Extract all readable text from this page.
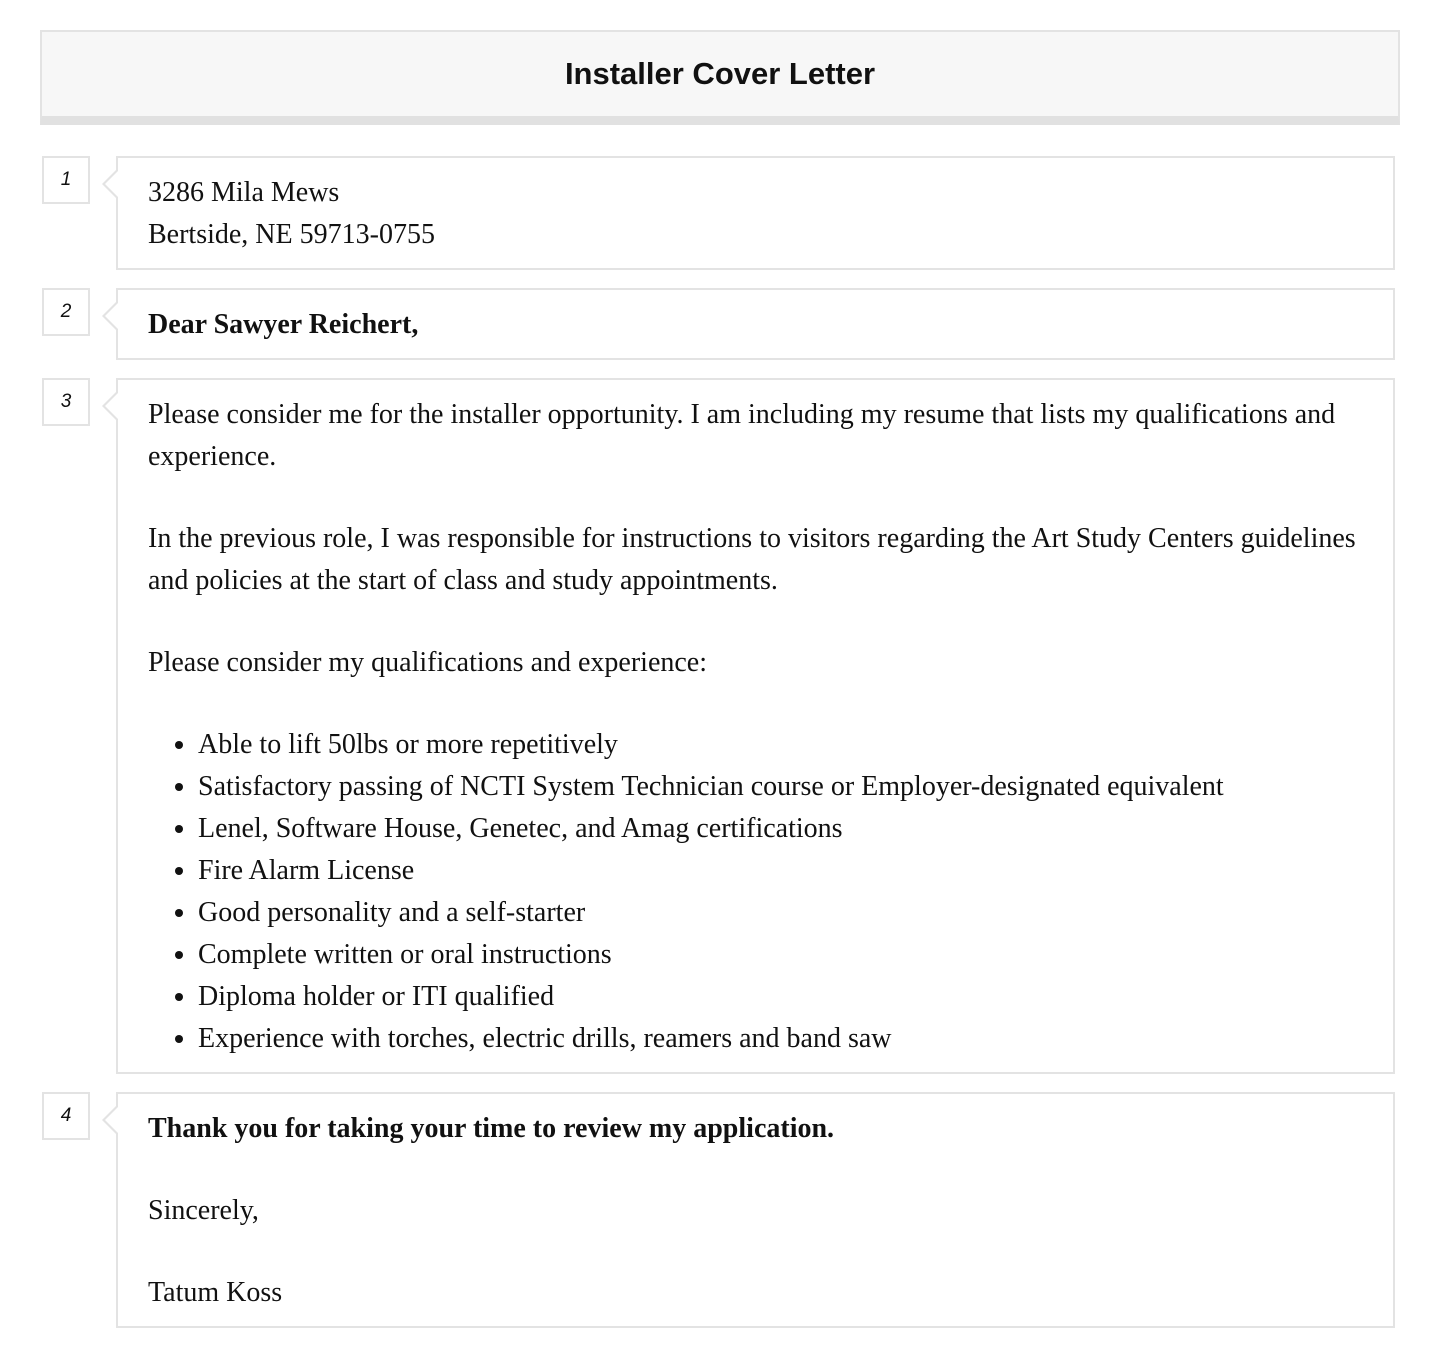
Installer Cover Letter
1	3286 Mila Mews
Bertside, NE 59713-0755
2	Dear Sawyer Reichert,
3	Please consider me for the installer opportunity. I am including my resume that lists my qualifications and experience.

In the previous role, I was responsible for instructions to visitors regarding the Art Study Centers guidelines and policies at the start of class and study appointments.

Please consider my qualifications and experience:

• Able to lift 50lbs or more repetitively
• Satisfactory passing of NCTI System Technician course or Employer-designated equivalent
• Lenel, Software House, Genetec, and Amag certifications
• Fire Alarm License
• Good personality and a self-starter
• Complete written or oral instructions
• Diploma holder or ITI qualified
• Experience with torches, electric drills, reamers and band saw
4	Thank you for taking your time to review my application.

Sincerely,

Tatum Koss
